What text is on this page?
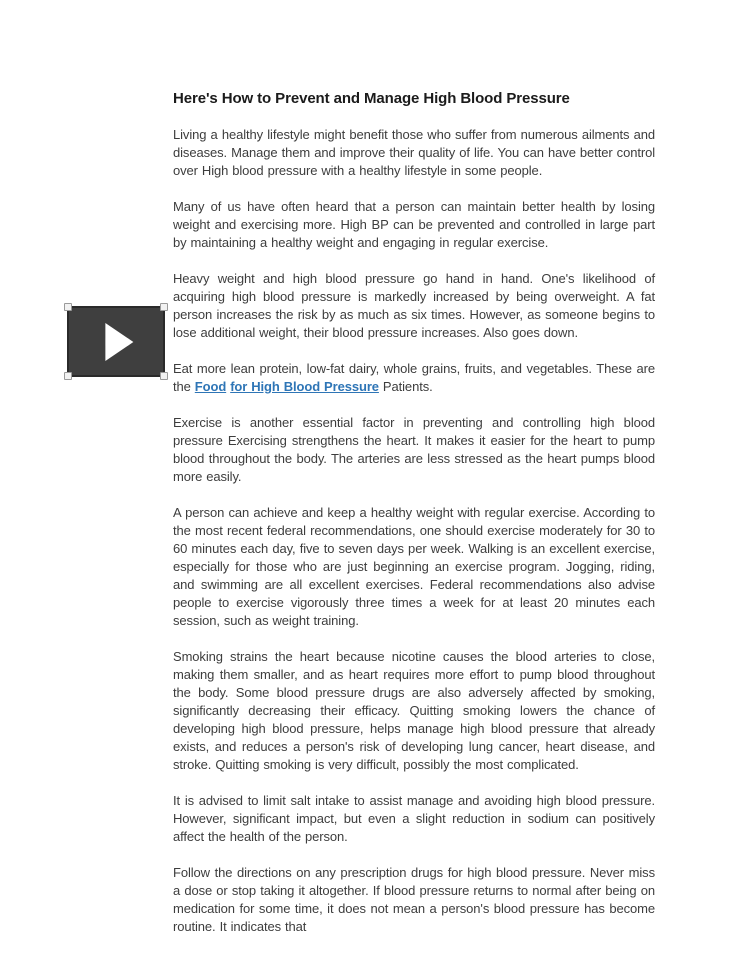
Here's How to Prevent and Manage High Blood Pressure

Living a healthy lifestyle might benefit those who suffer from numerous ailments and diseases. Manage them and improve their quality of life. You can have better control over High blood pressure with a healthy lifestyle in some people.

Many of us have often heard that a person can maintain better health by losing weight and exercising more. High BP can be prevented and controlled in large part by maintaining a healthy weight and engaging in regular exercise.

Heavy weight and high blood pressure go hand in hand. One's likelihood of acquiring high blood pressure is markedly increased by being overweight. A fat person increases the risk by as much as six times. However, as someone begins to lose additional weight, their blood pressure increases. Also goes down.

Eat more lean protein, low-fat dairy, whole grains, fruits, and vegetables. These are the Food for High Blood Pressure Patients.

Exercise is another essential factor in preventing and controlling high blood pressure Exercising strengthens the heart. It makes it easier for the heart to pump blood throughout the body. The arteries are less stressed as the heart pumps blood more easily.

A person can achieve and keep a healthy weight with regular exercise. According to the most recent federal recommendations, one should exercise moderately for 30 to 60 minutes each day, five to seven days per week. Walking is an excellent exercise, especially for those who are just beginning an exercise program. Jogging, riding, and swimming are all excellent exercises. Federal recommendations also advise people to exercise vigorously three times a week for at least 20 minutes each session, such as weight training.

Smoking strains the heart because nicotine causes the blood arteries to close, making them smaller, and as heart requires more effort to pump blood throughout the body. Some blood pressure drugs are also adversely affected by smoking, significantly decreasing their efficacy. Quitting smoking lowers the chance of developing high blood pressure, helps manage high blood pressure that already exists, and reduces a person's risk of developing lung cancer, heart disease, and stroke. Quitting smoking is very difficult, possibly the most complicated.

It is advised to limit salt intake to assist manage and avoiding high blood pressure. However, significant impact, but even a slight reduction in sodium can positively affect the health of the person.

Follow the directions on any prescription drugs for high blood pressure. Never miss a dose or stop taking it altogether. If blood pressure returns to normal after being on medication for some time, it does not mean a person's blood pressure has become routine. It indicates that
